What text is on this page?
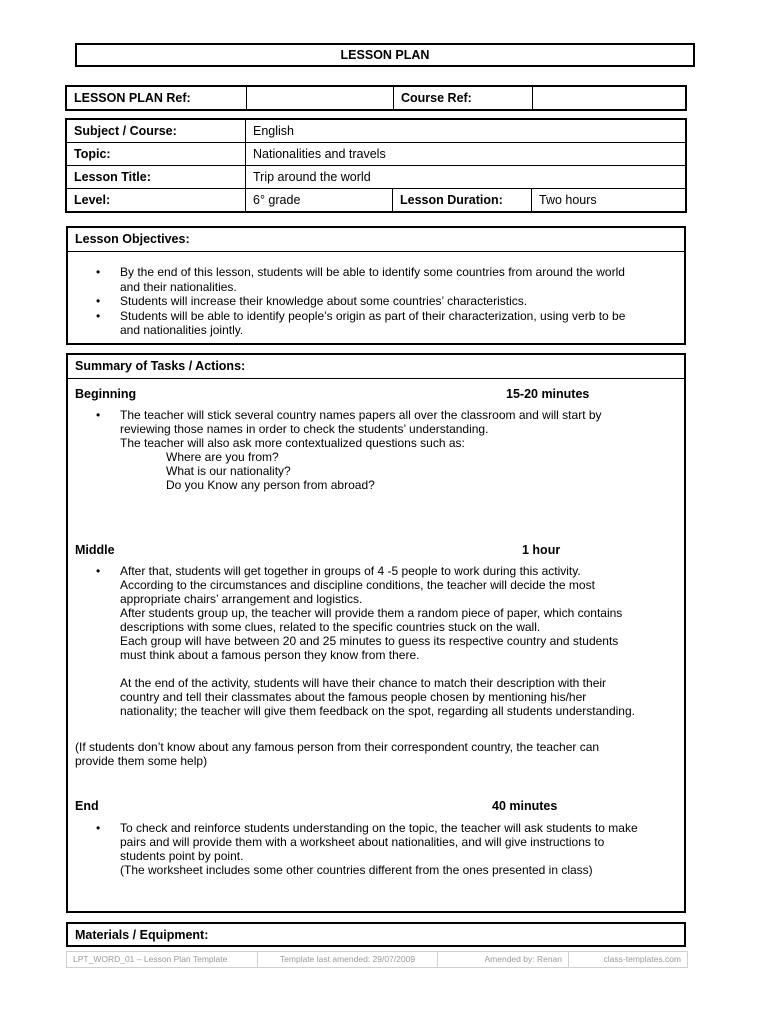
LESSON PLAN
LESSON PLAN Ref:		Course Ref:	
Subject / Course:	English		
Topic:	Nationalities and travels		
Lesson Title:	Trip around the world		
Level:	6° grade	Lesson Duration:	Two hours
Lesson Objectives:
• By the end of this lesson, students will be able to identify some countries from around the world
and their nationalities.
• Students will increase their knowledge about some countries’ characteristics.
• Students will be able to identify people’s origin as part of their characterization, using verb to be
and nationalities jointly.
Summary of Tasks / Actions:
Beginning	15-20 minutes
• The teacher will stick several country names papers all over the classroom and will start by
reviewing those names in order to check the students’ understanding.
The teacher will also ask more contextualized questions such as:
Where are you from?
What is our nationality?
Do you Know any person from abroad?
Middle	1 hour
• After that, students will get together in groups of 4 -5 people to work during this activity.
According to the circumstances and discipline conditions, the teacher will decide the most
appropriate chairs’ arrangement and logistics.
After students group up, the teacher will provide them a random piece of paper, which contains
descriptions with some clues, related to the specific countries stuck on the wall.
Each group will have between 20 and 25 minutes to guess its respective country and students
must think about a famous person they know from there.
At the end of the activity, students will have their chance to match their description with their
country and tell their classmates about the famous people chosen by mentioning his/her
nationality; the teacher will give them feedback on the spot, regarding all students understanding.
(If students don’t know about any famous person from their correspondent country, the teacher can
provide them some help)
End	40 minutes
• To check and reinforce students understanding on the topic, the teacher will ask students to make
pairs and will provide them with a worksheet about nationalities, and will give instructions to
students point by point.
(The worksheet includes some other countries different from the ones presented in class)
Materials / Equipment:
LPT_WORD_01 – Lesson Plan Template	Template last amended: 29/07/2009	Amended by: Renan	class-templates.com
